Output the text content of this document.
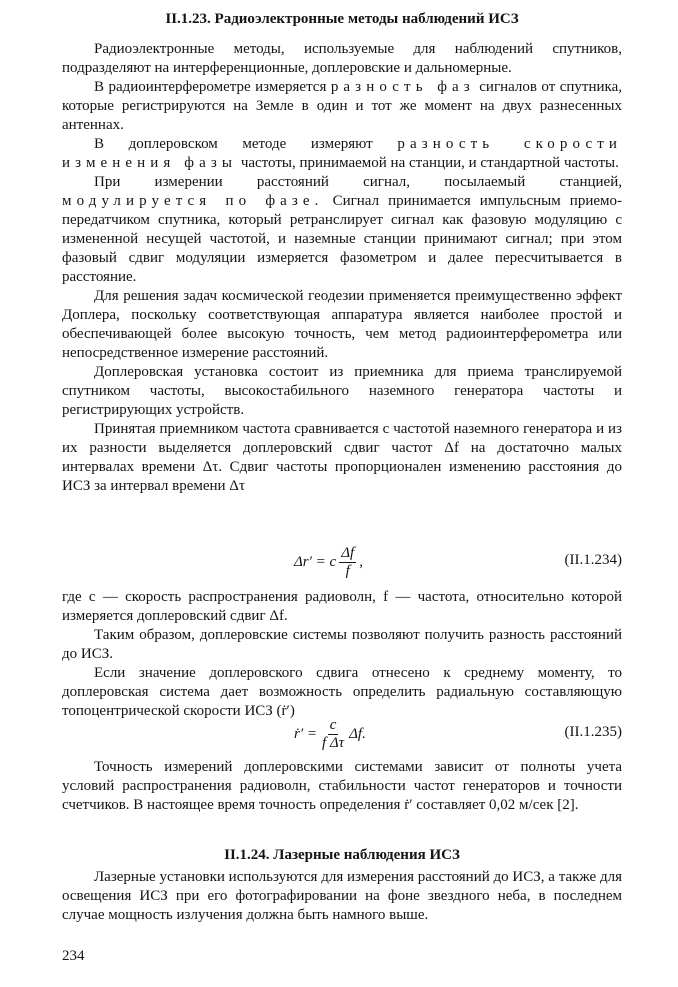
II.1.23. Радиоэлектронные методы наблюдений ИСЗ

Радиоэлектронные методы, используемые для наблюдений спутников, подразделяют на интерференционные, доплеровские и дальномерные.

В радиоинтерферометре измеряется разность фаз сигналов от спутника, которые регистрируются на Земле в один и тот же момент на двух разнесенных антеннах.

В доплеровском методе измеряют разность скорости изменения фазы частоты, принимаемой на станции, и стандартной частоты.

При измерении расстояний сигнал, посылаемый станцией, модулируется по фазе. Сигнал принимается импульсным приемо-передатчиком спутника, который ретранслирует сигнал как фазовую модуляцию с измененной несущей частотой, и наземные станции принимают сигнал; при этом фазовый сдвиг модуляции измеряется фазометром и далее пересчитывается в расстояние.

Для решения задач космической геодезии применяется преимущественно эффект Доплера, поскольку соответствующая аппаратура является наиболее простой и обеспечивающей более высокую точность, чем метод радиоинтерферометра или непосредственное измерение расстояний.

Доплеровская установка состоит из приемника для приема транслируемой спутником частоты, высокостабильного наземного генератора частоты и регистрирующих устройств.

Принятая приемником частота сравнивается с частотой наземного генератора и из их разности выделяется доплеровский сдвиг частот Δf на достаточно малых интервалах времени Δτ. Сдвиг частоты пропорционален изменению расстояния до ИСЗ за интервал времени Δτ

Δr′ = c $\frac{\Delta f}{f}$ ,	(II.1.234)

где c — скорость распространения радиоволн, f — частота, относительно которой измеряется доплеровский сдвиг Δf.

Таким образом, доплеровские системы позволяют получить разность расстояний до ИСЗ.

Если значение доплеровского сдвига отнесено к среднему моменту, то доплеровская система дает возможность определить радиальную составляющую топоцентрической скорости ИСЗ (ṙ′)

ṙ′ = $\frac{c}{\text{f Δτ}} \Delta f$.	(II.1.235)

Точность измерений доплеровскими системами зависит от полноты учета условий распространения радиоволн, стабильности частот генераторов и точности счетчиков. В настоящее время точность определения ṙ′ составляет 0,02 м/сек [2].

II.1.24. Лазерные наблюдения ИСЗ

Лазерные установки используются для измерения расстояний до ИСЗ, а также для освещения ИСЗ при его фотографировании на фоне звездного неба, в последнем случае мощность излучения должна быть намного выше.

234
